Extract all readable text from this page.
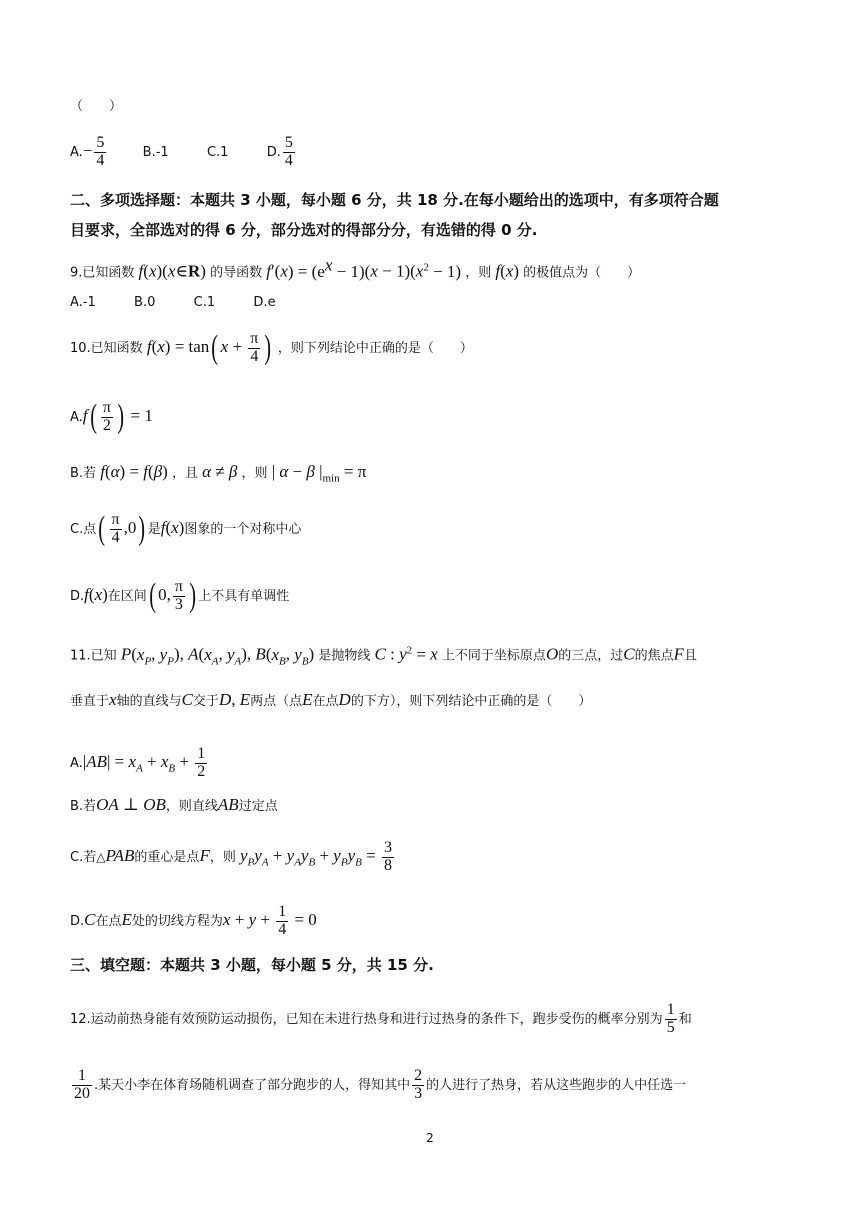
（　　）
$A.- \frac{5}{4}$	B.-1	C.1	D. $\frac{5}{4}$
二、多项选择题：本题共 3 小题，每小题 6 分，共 18 分.在每小题给出的选项中，有多项符合题
目要求，全部选对的得 6 分，部分选对的得部分分，有选错的得 0 分.
9.已知函数 f(x)(x∈R) 的导函数 $f'(x) = (e^x - 1)(x - 1)(x^2 - 1)$ ，则 f(x) 的极值点为（　　）
A.-1	B.0	C.1	D.e
10.已知函数 f(x) = tan( $x + \frac{\pi}{4}$ ) ，则下列结论中正确的是（　　）
$A.f( \frac{\pi}{2}$ ) = 1
B.若 f(α) = f(β) ，且 α ≠ β ，则 | α − β $|_{min} = \pi$
C.点( $\frac{\pi}{4} ,0$) 是f(x)图象的一个对称中心
D.f(x)在区间( 0, $\frac{\pi}{3}$ ) 上不具有单调性
11.已知 $P(x_P$, $y_P$), $A(x_A$, $y_A$), $B(x_B$, $y_B$) 是抛物线 C : $y^2 = x$ 上不同于坐标原点O的三点，过C的焦点F且
垂直于x轴的直线与C交于D, E两点（点E在点D的下方），则下列结论中正确的是（　　）
$A.|AB| = x_A + x_B + \frac{1}{2}$
B.若OA ⊥ OB，则直线AB过定点
C.若△PAB的重心是点F，则 $y_Py_A + y_Ay_B + y_Py_B = \frac{3}{8}$
D.C在点E处的切线方程为$x + y + \frac{1}{4} = 0$
三、填空题：本题共 3 小题，每小题 5 分，共 15 分.
12.运动前热身能有效预防运动损伤，已知在未进行热身和进行过热身的条件下，跑步受伤的概率分别为 $\frac{1}{5}$ 和
$\frac{1}{20}$ .某天小李在体育场随机调查了部分跑步的人，得知其中 $\frac{2}{3}$ 的人进行了热身，若从这些跑步的人中任选一
2
